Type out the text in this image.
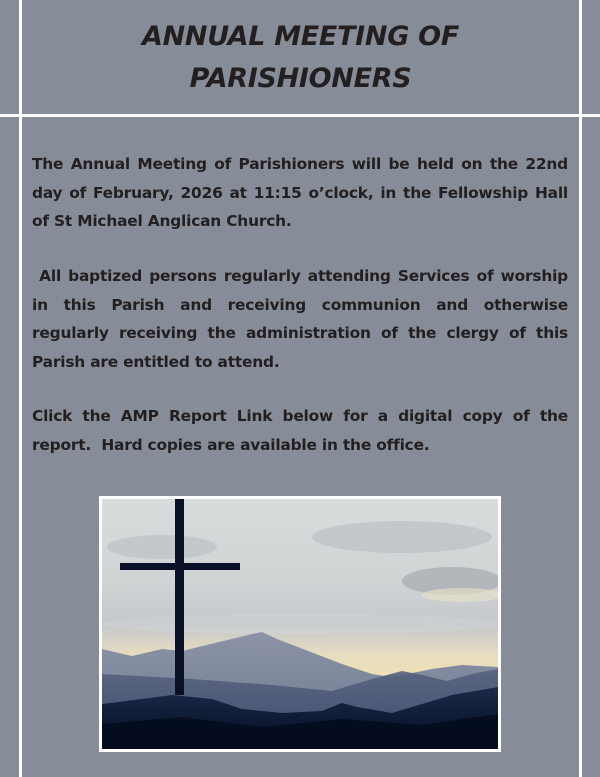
ANNUAL MEETING OF
PARISHIONERS

The Annual Meeting of Parishioners will be held on the 22nd day of February, 2026 at 11:15 o’clock, in the Fellowship Hall of St Michael Anglican Church.

All baptized persons regularly attending Services of worship in this Parish and receiving communion and otherwise regularly receiving the administration of the clergy of this Parish are entitled to attend.

Click the AMP Report Link below for a digital copy of the report.  Hard copies are available in the office.
